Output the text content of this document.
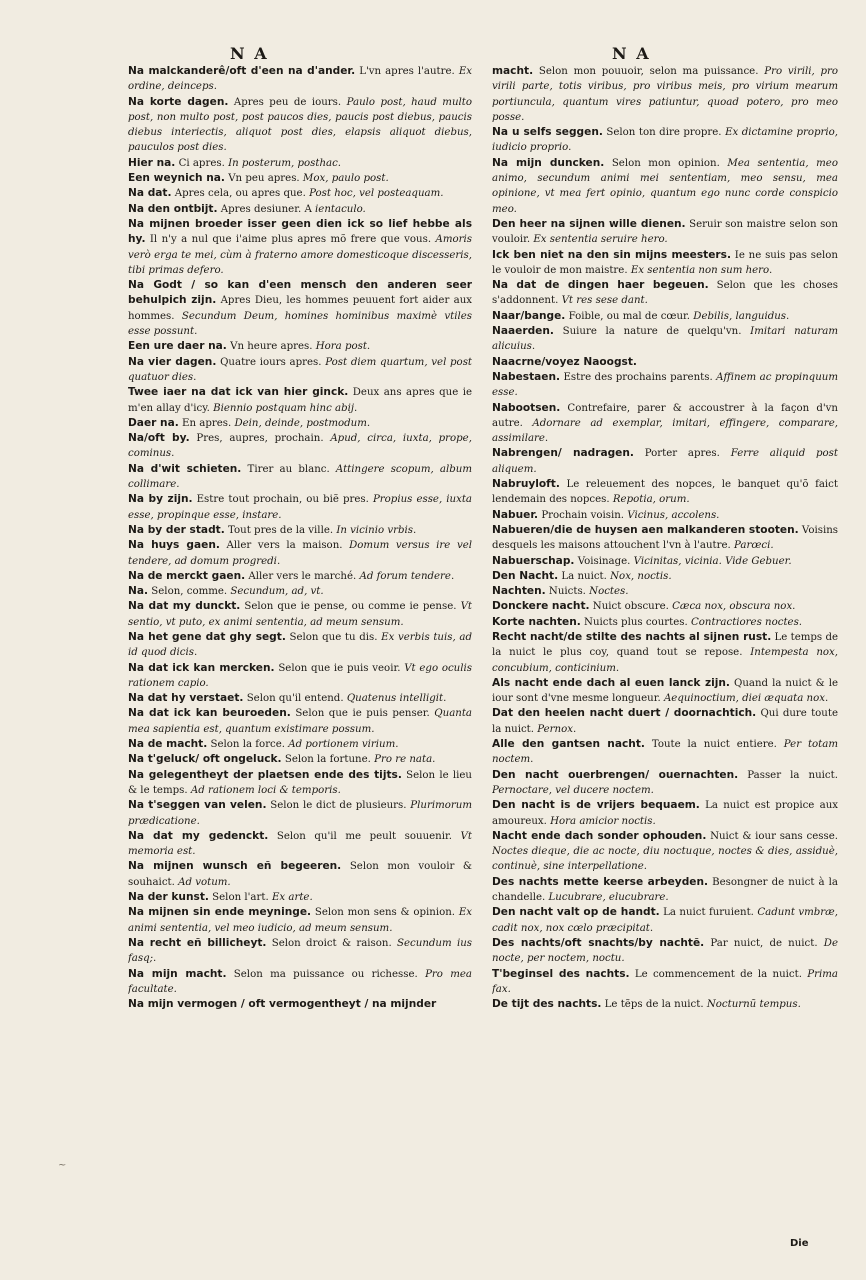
N A	N A

Na malckanderê/oft d'een na d'ander. L'vn apres l'autre. Ex ordine, deinceps.

Na korte dagen. Apres peu de iours. Paulo post, haud multo post, non multo post, post paucos dies, paucis post diebus, paucis diebus interiectis, aliquot post dies, elapsis aliquot diebus, pauculos post dies.

Hier na. Ci apres. In posterum, posthac.

Een weynich na. Vn peu apres. Mox, paulo post.

Na dat. Apres cela, ou apres que. Post hoc, vel posteaquam.

Na den ontbijt. Apres desiuner. A ientaculo.

Na mijnen broeder isser geen dien ick so lief hebbe als hy. Il n'y a nul que i'aime plus apres mõ frere que vous. Amoris verò erga te mei, cùm à fraterno amore domesticoque discesseris, tibi primas defero.

Na Godt / so kan d'een mensch den anderen seer behulpich zijn. Apres Dieu, les hommes peuuent fort aider aux hommes. Secundum Deum, homines hominibus maximè vtiles esse possunt.

Een ure daer na. Vn heure apres. Hora post.

Na vier dagen. Quatre iours apres. Post diem quartum, vel post quatuor dies.

Twee iaer na dat ick van hier ginck. Deux ans apres que ie m'en allay d'icy. Biennio postquam hinc abij.

Daer na. En apres. Dein, deinde, postmodum.

Na/oft by. Pres, aupres, prochain. Apud, circa, iuxta, prope, cominus.

Na d'wit schieten. Tirer au blanc. Attingere scopum, album collimare.

Na by zijn. Estre tout prochain, ou biẽ pres. Propius esse, iuxta esse, propinque esse, instare.

Na by der stadt. Tout pres de la ville. In vicinio vrbis.

Na huys gaen. Aller vers la maison. Domum versus ire vel tendere, ad domum progredi.

Na de merckt gaen. Aller vers le marché. Ad forum tendere.

Na. Selon, comme. Secundum, ad, vt.

Na dat my dunckt. Selon que ie pense, ou comme ie pense. Vt sentio, vt puto, ex animi sententia, ad meum sensum.

Na het gene dat ghy segt. Selon que tu dis. Ex verbis tuis, ad id quod dicis.

Na dat ick kan mercken. Selon que ie puis veoir. Vt ego oculis rationem capio.

Na dat hy verstaet. Selon qu'il entend. Quatenus intelligit.

Na dat ick kan beuroeden. Selon que ie puis penser. Quanta mea sapientia est, quantum existimare possum.

Na de macht. Selon la force. Ad portionem virium.

Na t'geluck/ oft ongeluck. Selon la fortune. Pro re nata.

Na gelegentheyt der plaetsen ende des tijts. Selon le lieu & le temps. Ad rationem loci & temporis.

Na t'seggen van velen. Selon le dict de plusieurs. Plurimorum prædicatione.

Na dat my gedenckt. Selon qu'il me peult souuenir. Vt memoria est.

Na mijnen wunsch eñ begeeren. Selon mon vouloir & souhaict. Ad votum.

Na der kunst. Selon l'art. Ex arte.

Na mijnen sin ende meyninge. Selon mon sens & opinion. Ex animi sententia, vel meo iudicio, ad meum sensum.

Na recht eñ billicheyt. Selon droict & raison. Secundum ius fasq;.

Na mijn macht. Selon ma puissance ou richesse. Pro mea facultate.

Na mijn vermogen / oft vermogentheyt / na mijnder

macht. Selon mon pouuoir, selon ma puissance. Pro virili, pro virili parte, totis viribus, pro viribus meis, pro virium mearum portiuncula, quantum vires patiuntur, quoad potero, pro meo posse.

Na u selfs seggen. Selon ton dire propre. Ex dictamine proprio, iudicio proprio.

Na mijn duncken. Selon mon opinion. Mea sententia, meo animo, secundum animi mei sententiam, meo sensu, mea opinione, vt mea fert opinio, quantum ego nunc corde conspicio meo.

Den heer na sijnen wille dienen. Seruir son maistre selon son vouloir. Ex sententia seruire hero.

Ick ben niet na den sin mijns meesters. Ie ne suis pas selon le vouloir de mon maistre. Ex sententia non sum hero.

Na dat de dingen haer begeuen. Selon que les choses s'addonnent. Vt res sese dant.

Naar/bange. Foible, ou mal de cœur. Debilis, languidus.

Naaerden. Suiure la nature de quelqu'vn. Imitari naturam alicuius.

Naacrne/voyez Naoogst.

Nabestaen. Estre des prochains parents. Affinem ac propinquum esse.

Nabootsen. Contrefaire, parer & accoustrer à la façon d'vn autre. Adornare ad exemplar, imitari, effingere, comparare, assimilare.

Nabrengen/ nadragen. Porter apres. Ferre aliquid post aliquem.

Nabruyloft. Le releuement des nopces, le banquet qu'õ faict lendemain des nopces. Repotia, orum.

Nabuer. Prochain voisin. Vicinus, accolens.

Nabueren/die de huysen aen malkanderen stooten. Voisins desquels les maisons attouchent l'vn à l'autre. Parœci.

Nabuerschap. Voisinage. Vicinitas, vicinia. Vide Gebuer.

Den Nacht. La nuict. Nox, noctis.

Nachten. Nuicts. Noctes.

Donckere nacht. Nuict obscure. Cæca nox, obscura nox.

Korte nachten. Nuicts plus courtes. Contractiores noctes.

Recht nacht/de stilte des nachts al sijnen rust. Le temps de la nuict le plus coy, quand tout se repose. Intempesta nox, concubium, conticinium.

Als nacht ende dach al euen lanck zijn. Quand la nuict & le iour sont d'vne mesme longueur. Aequinoctium, diei æquata nox.

Dat den heelen nacht duert / doornachtich. Qui dure toute la nuict. Pernox.

Alle den gantsen nacht. Toute la nuict entiere. Per totam noctem.

Den nacht ouerbrengen/ ouernachten. Passer la nuict. Pernoctare, vel ducere noctem.

Den nacht is de vrijers bequaem. La nuict est propice aux amoureux. Hora amicior noctis.

Nacht ende dach sonder ophouden. Nuict & iour sans cesse. Noctes dieque, die ac nocte, diu noctuque, noctes & dies, assiduè, continuè, sine interpellatione.

Des nachts mette keerse arbeyden. Besongner de nuict à la chandelle. Lucubrare, elucubrare.

Den nacht valt op de handt. La nuict furuient. Cadunt vmbræ, cadit nox, nox cœlo præcipitat.

Des nachts/oft snachts/by nachtẽ. Par nuict, de nuict. De nocte, per noctem, noctu.

T'beginsel des nachts. Le commencement de la nuict. Prima fax.

De tijt des nachts. Le tẽps de la nuict. Nocturnũ tempus.

~
Die
